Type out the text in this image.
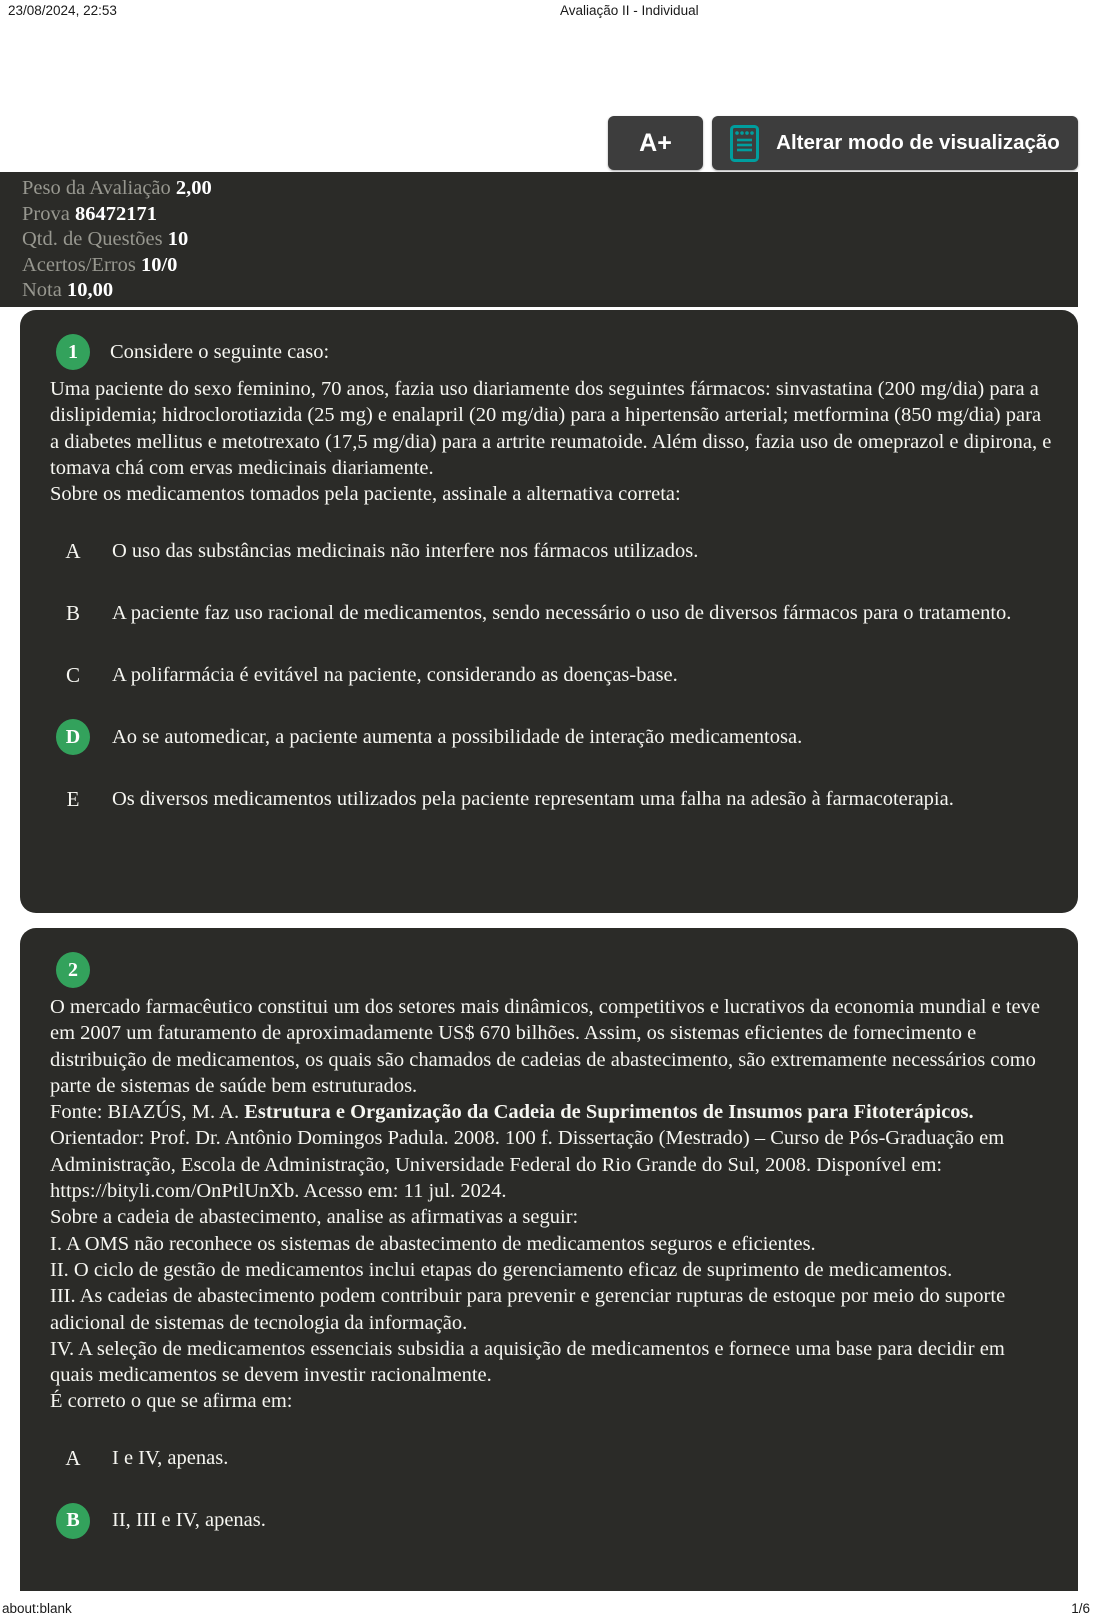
23/08/2024, 22:53	Avaliação II - Individual
A+	Alterar modo de visualização
Peso da Avaliação 2,00
Prova 86472171
Qtd. de Questões 10
Acertos/Erros 10/0
Nota 10,00
1	Considere o seguinte caso:
Uma paciente do sexo feminino, 70 anos, fazia uso diariamente dos seguintes fármacos: sinvastatina (200 mg/dia) para a dislipidemia; hidroclorotiazida (25 mg) e enalapril (20 mg/dia) para a hipertensão arterial; metformina (850 mg/dia) para a diabetes mellitus e metotrexato (17,5 mg/dia) para a artrite reumatoide. Além disso, fazia uso de omeprazol e dipirona, e tomava chá com ervas medicinais diariamente.
Sobre os medicamentos tomados pela paciente, assinale a alternativa correta:
A	O uso das substâncias medicinais não interfere nos fármacos utilizados.
B	A paciente faz uso racional de medicamentos, sendo necessário o uso de diversos fármacos para o tratamento.
C	A polifarmácia é evitável na paciente, considerando as doenças-base.
D	Ao se automedicar, a paciente aumenta a possibilidade de interação medicamentosa.
E	Os diversos medicamentos utilizados pela paciente representam uma falha na adesão à farmacoterapia.
2
O mercado farmacêutico constitui um dos setores mais dinâmicos, competitivos e lucrativos da economia mundial e teve em 2007 um faturamento de aproximadamente US$ 670 bilhões. Assim, os sistemas eficientes de fornecimento e distribuição de medicamentos, os quais são chamados de cadeias de abastecimento, são extremamente necessários como parte de sistemas de saúde bem estruturados.
Fonte: BIAZÚS, M. A. Estrutura e Organização da Cadeia de Suprimentos de Insumos para Fitoterápicos. Orientador: Prof. Dr. Antônio Domingos Padula. 2008. 100 f. Dissertação (Mestrado) – Curso de Pós-Graduação em Administração, Escola de Administração, Universidade Federal do Rio Grande do Sul, 2008. Disponível em: https://bityli.com/OnPtlUnXb. Acesso em: 11 jul. 2024.
Sobre a cadeia de abastecimento, analise as afirmativas a seguir:
I. A OMS não reconhece os sistemas de abastecimento de medicamentos seguros e eficientes.
II. O ciclo de gestão de medicamentos inclui etapas do gerenciamento eficaz de suprimento de medicamentos.
III. As cadeias de abastecimento podem contribuir para prevenir e gerenciar rupturas de estoque por meio do suporte adicional de sistemas de tecnologia da informação.
IV. A seleção de medicamentos essenciais subsidia a aquisição de medicamentos e fornece uma base para decidir em quais medicamentos se devem investir racionalmente.
É correto o que se afirma em:
A	I e IV, apenas.
B	II, III e IV, apenas.
about:blank	1/6
